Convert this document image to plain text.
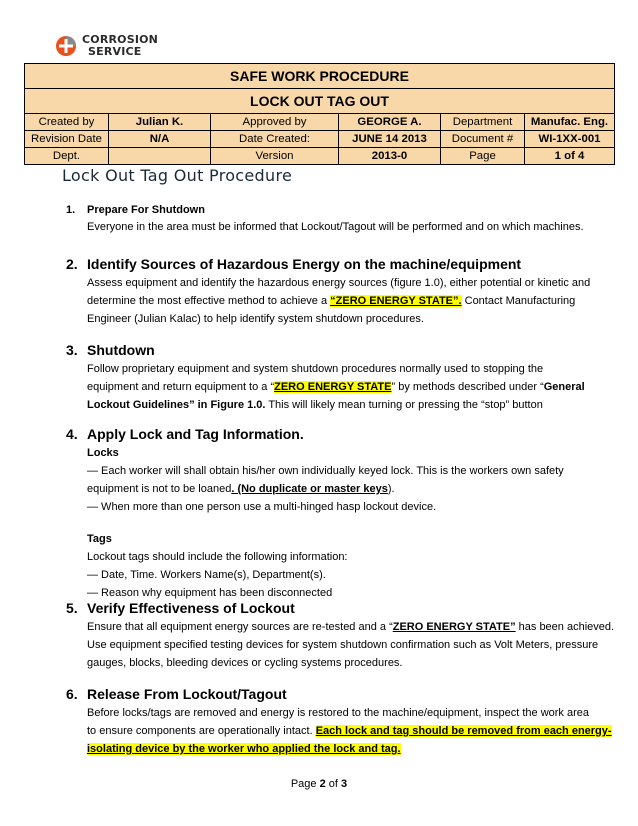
CORROSION
SERVICE
SAFE WORK PROCEDURE					
LOCK OUT TAG OUT					
Created by	Julian K.	Approved by	GEORGE A.	Department	Manufac. Eng.
Revision Date	N/A	Date Created:	JUNE 14 2013	Document #	WI-1XX-001
Dept.		Version	2013-0	Page	1 of 4
Lock Out Tag Out Procedure
1. Prepare For Shutdown
Everyone in the area must be informed that Lockout/Tagout will be performed and on which machines.
2. Identify Sources of Hazardous Energy on the machine/equipment
Assess equipment and identify the hazardous energy sources (figure 1.0), either potential or kinetic and
determine the most effective method to achieve a “ZERO ENERGY STATE”. Contact Manufacturing
Engineer (Julian Kalac) to help identify system shutdown procedures.
3. Shutdown
Follow proprietary equipment and system shutdown procedures normally used to stopping the
equipment and return equipment to a “ZERO ENERGY STATE” by methods described under “General
Lockout Guidelines” in Figure 1.0. This will likely mean turning or pressing the “stop” button
4. Apply Lock and Tag Information.
Locks
— Each worker will shall obtain his/her own individually keyed lock. This is the workers own safety
equipment is not to be loaned. (No duplicate or master keys).
— When more than one person use a multi-hinged hasp lockout device.
Tags
Lockout tags should include the following information:
— Date, Time. Workers Name(s), Department(s).
— Reason why equipment has been disconnected
5. Verify Effectiveness of Lockout
Ensure that all equipment energy sources are re-tested and a “ZERO ENERGY STATE” has been achieved.
Use equipment specified testing devices for system shutdown confirmation such as Volt Meters, pressure
gauges, blocks, bleeding devices or cycling systems procedures.
6. Release From Lockout/Tagout
Before locks/tags are removed and energy is restored to the machine/equipment, inspect the work area
to ensure components are operationally intact. Each lock and tag should be removed from each energy-
isolating device by the worker who applied the lock and tag.
Page 2 of 3
